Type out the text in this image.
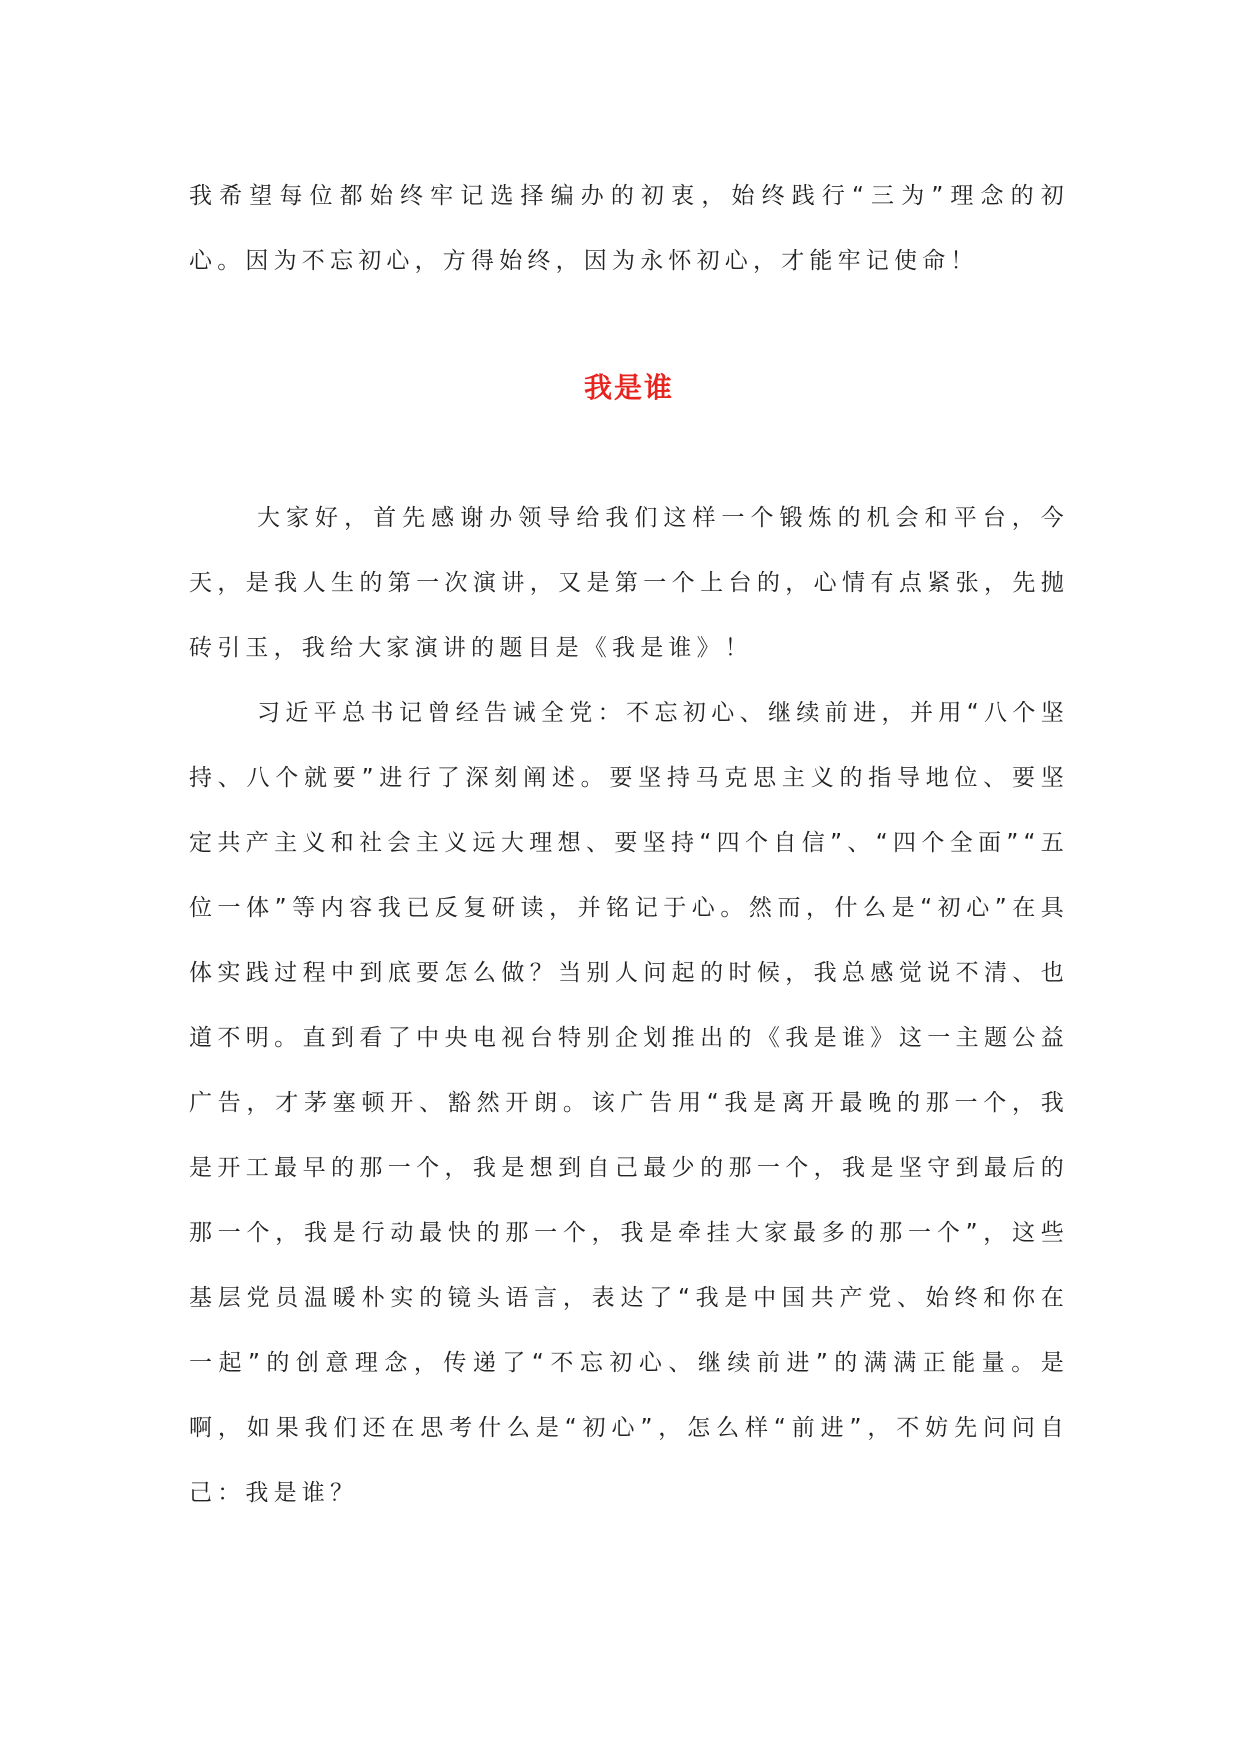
我希望每位都始终牢记选择编办的初衷，始终践行“三为”理念的初心。因为不忘初心，方得始终，因为永怀初心，才能牢记使命！

我是谁

大家好，首先感谢办领导给我们这样一个锻炼的机会和平台，今天，是我人生的第一次演讲，又是第一个上台的，心情有点紧张，先抛砖引玉，我给大家演讲的题目是《我是谁》！

习近平总书记曾经告诫全党：不忘初心、继续前进，并用“八个坚持、八个就要”进行了深刻阐述。要坚持马克思主义的指导地位、要坚定共产主义和社会主义远大理想、要坚持“四个自信”、“四个全面”“五位一体”等内容我已反复研读，并铭记于心。然而，什么是“初心”在具体实践过程中到底要怎么做？当别人问起的时候，我总感觉说不清、也道不明。直到看了中央电视台特别企划推出的《我是谁》这一主题公益广告，才茅塞顿开、豁然开朗。该广告用“我是离开最晚的那一个，我是开工最早的那一个，我是想到自己最少的那一个，我是坚守到最后的那一个，我是行动最快的那一个，我是牵挂大家最多的那一个”，这些基层党员温暖朴实的镜头语言，表达了“我是中国共产党、始终和你在一起”的创意理念，传递了“不忘初心、继续前进”的满满正能量。是啊，如果我们还在思考什么是“初心”，怎么样“前进”，不妨先问问自己：我是谁？
